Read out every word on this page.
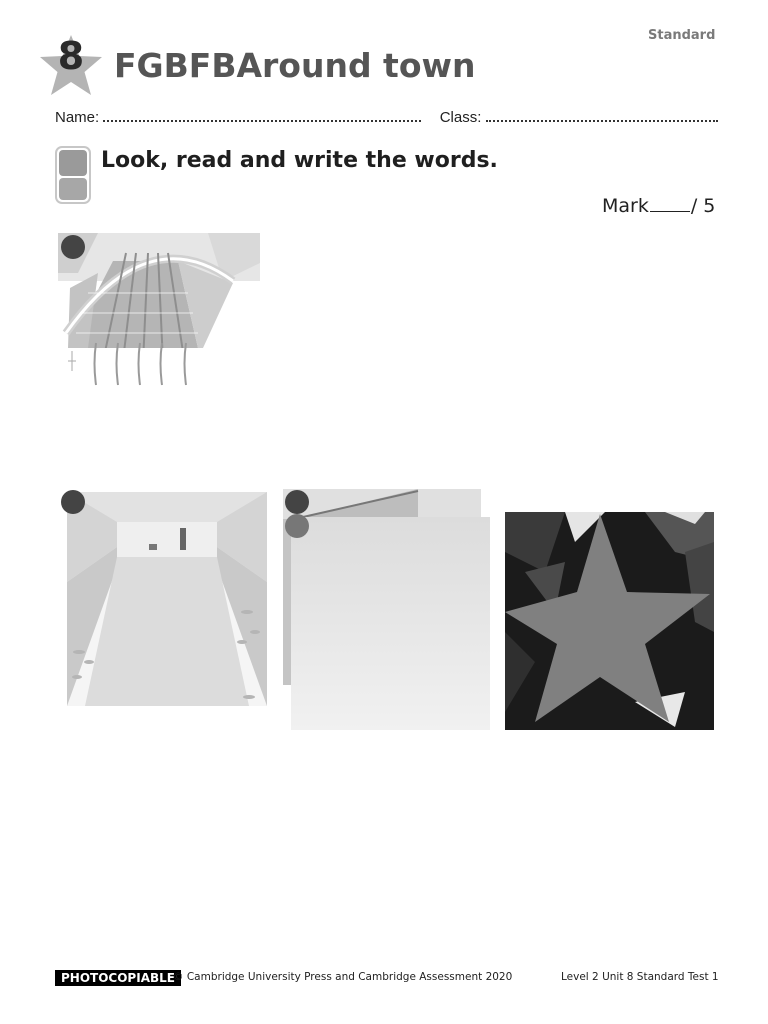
Standard
8 FGBFBAround town
Name:	Class:
Look, read and write the words.
Mark / 5
PHOTOCOPIABLE
© Cambridge University Press and Cambridge Assessment 2020	Level 2 Unit 8 Standard Test 1
